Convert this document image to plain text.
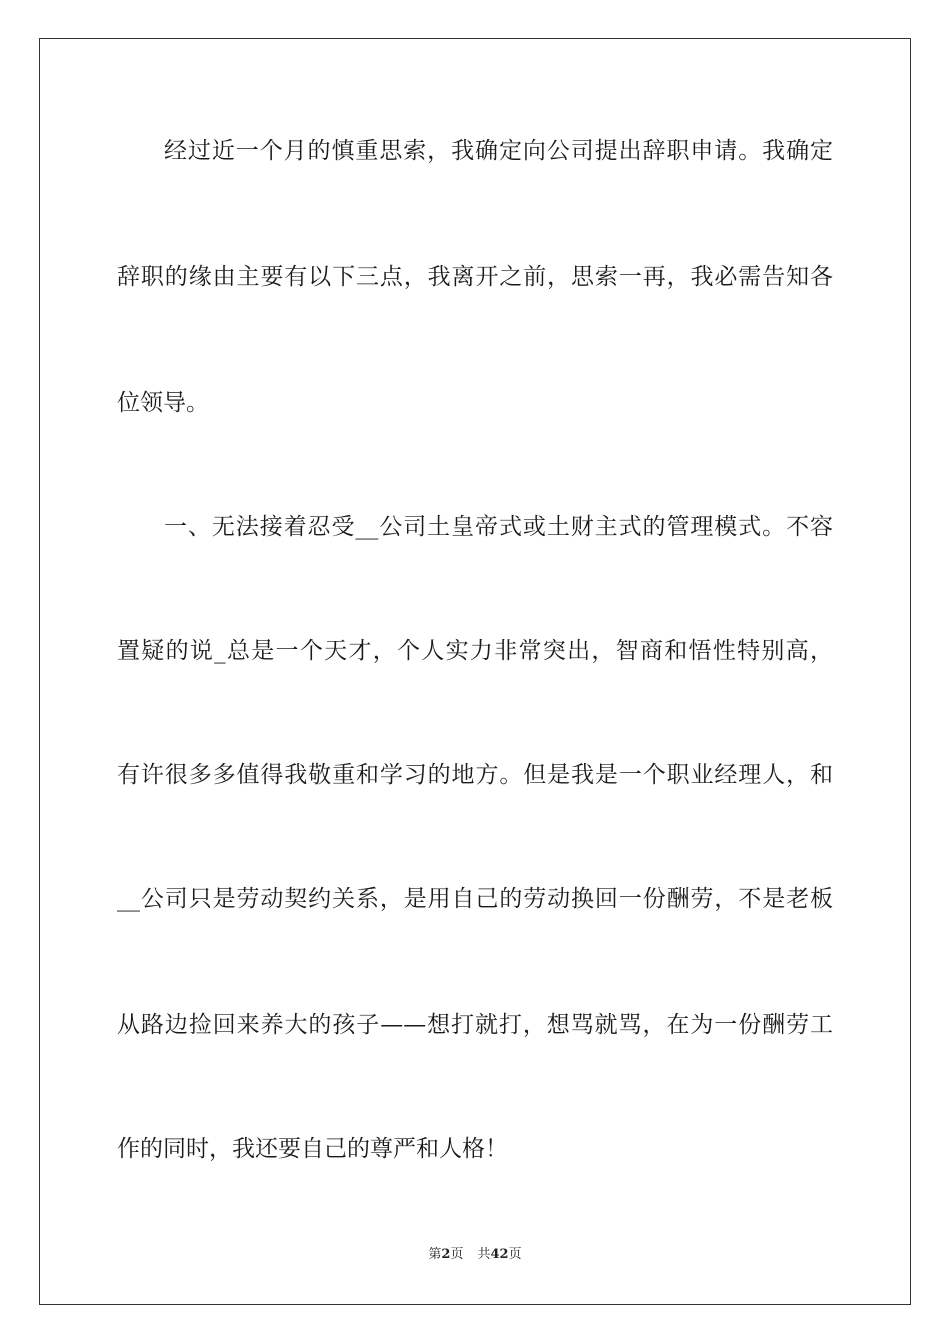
经过近一个月的慎重思索，我确定向公司提出辞职申请。我确定
辞职的缘由主要有以下三点，我离开之前，思索一再，我必需告知各
位领导。
一、无法接着忍受__公司土皇帝式或土财主式的管理模式。不容
置疑的说_总是一个天才，个人实力非常突出，智商和悟性特别高，
有许很多多值得我敬重和学习的地方。但是我是一个职业经理人，和
__公司只是劳动契约关系，是用自己的劳动换回一份酬劳，不是老板
从路边捡回来养大的孩子——想打就打，想骂就骂，在为一份酬劳工
作的同时，我还要自己的尊严和人格！
第2页 共42页
